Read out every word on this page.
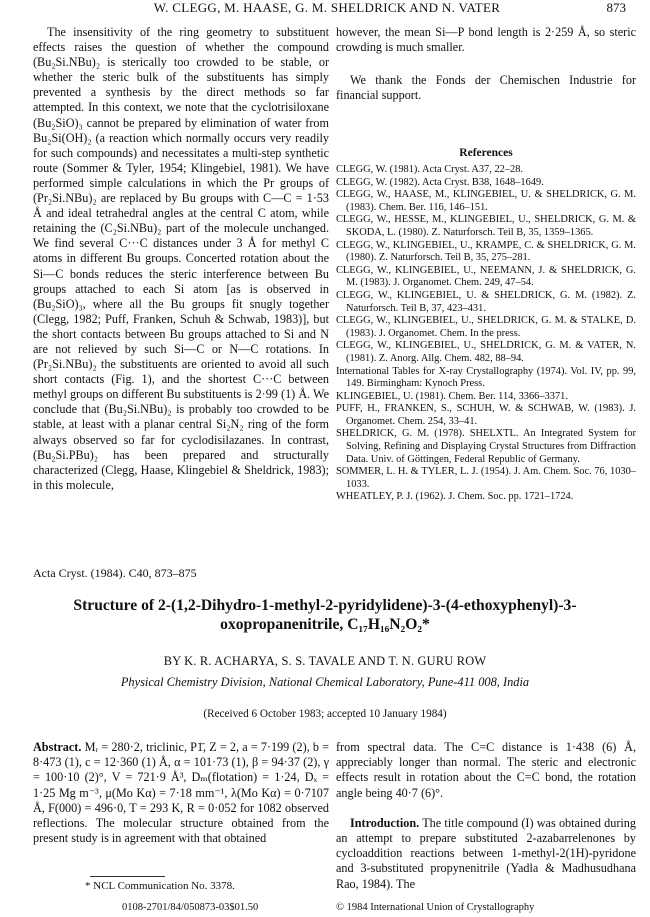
W. CLEGG, M. HAASE, G. M. SHELDRICK AND N. VATER	873

The insensitivity of the ring geometry to substituent effects raises the question of whether the compound (Bu₂Si.NBu)₂ is sterically too crowded to be stable, or whether the steric bulk of the substituents has simply prevented a synthesis by the direct methods so far attempted. In this context, we note that the cyclotrisiloxane (Bu₂SiO)₃ cannot be prepared by elimination of water from Bu₂Si(OH)₂ (a reaction which normally occurs very readily for such compounds) and necessitates a multi-step synthetic route (Sommer & Tyler, 1954; Klingebiel, 1981). We have performed simple calculations in which the Pr groups of (Pr₂Si.NBu)₂ are replaced by Bu groups with C—C = 1·53 Å and ideal tetrahedral angles at the central C atom, while retaining the (C₂Si.NBu)₂ part of the molecule unchanged. We find several C···C distances under 3 Å for methyl C atoms in different Bu groups. Concerted rotation about the Si—C bonds reduces the steric interference between Bu groups attached to each Si atom [as is observed in (Bu₂SiO)₃, where all the Bu groups fit snugly together (Clegg, 1982; Puff, Franken, Schuh & Schwab, 1983)], but the short contacts between Bu groups attached to Si and N are not relieved by such Si—C or N—C rotations. In (Pr₂Si.NBu)₂ the substituents are oriented to avoid all such short contacts (Fig. 1), and the shortest C···C between methyl groups on different Bu substituents is 2·99 (1) Å. We conclude that (Bu₂Si.NBu)₂ is probably too crowded to be stable, at least with a planar central Si₂N₂ ring of the form always observed so far for cyclodisilazanes. In contrast, (Bu₂Si.PBu)₂ has been prepared and structurally characterized (Clegg, Haase, Klingebiel & Sheldrick, 1983); in this molecule,

however, the mean Si—P bond length is 2·259 Å, so steric crowding is much smaller.

We thank the Fonds der Chemischen Industrie for financial support.

References

CLEGG, W. (1981). Acta Cryst. A37, 22–28.

CLEGG, W. (1982). Acta Cryst. B38, 1648–1649.

CLEGG, W., HAASE, M., KLINGEBIEL, U. & SHELDRICK, G. M. (1983). Chem. Ber. 116, 146–151.

CLEGG, W., HESSE, M., KLINGEBIEL, U., SHELDRICK, G. M. & SKODA, L. (1980). Z. Naturforsch. Teil B, 35, 1359–1365.

CLEGG, W., KLINGEBIEL, U., KRAMPE, C. & SHELDRICK, G. M. (1980). Z. Naturforsch. Teil B, 35, 275–281.

CLEGG, W., KLINGEBIEL, U., NEEMANN, J. & SHELDRICK, G. M. (1983). J. Organomet. Chem. 249, 47–54.

CLEGG, W., KLINGEBIEL, U. & SHELDRICK, G. M. (1982). Z. Naturforsch. Teil B, 37, 423–431.

CLEGG, W., KLINGEBIEL, U., SHELDRICK, G. M. & STALKE, D. (1983). J. Organomet. Chem. In the press.

CLEGG, W., KLINGEBIEL, U., SHELDRICK, G. M. & VATER, N. (1981). Z. Anorg. Allg. Chem. 482, 88–94.

International Tables for X-ray Crystallography (1974). Vol. IV, pp. 99, 149. Birmingham: Kynoch Press.

KLINGEBIEL, U. (1981). Chem. Ber. 114, 3366–3371.

PUFF, H., FRANKEN, S., SCHUH, W. & SCHWAB, W. (1983). J. Organomet. Chem. 254, 33–41.

SHELDRICK, G. M. (1978). SHELXTL. An Integrated System for Solving, Refining and Displaying Crystal Structures from Diffraction Data. Univ. of Göttingen, Federal Republic of Germany.

SOMMER, L. H. & TYLER, L. J. (1954). J. Am. Chem. Soc. 76, 1030–1033.

WHEATLEY, P. J. (1962). J. Chem. Soc. pp. 1721–1724.

Acta Cryst. (1984). C40, 873–875
Structure of 2-(1,2-Dihydro-1-methyl-2-pyridylidene)-3-(4-ethoxyphenyl)-3-oxopropanenitrile, C₁₇H₁₆N₂O₂*
BY K. R. ACHARYA, S. S. TAVALE AND T. N. GURU ROW
Physical Chemistry Division, National Chemical Laboratory, Pune-411 008, India
(Received 6 October 1983; accepted 10 January 1984)
Abstract. Mᵣ = 280·2, triclinic, P1̄, Z = 2, a = 7·199 (2), b = 8·473 (1), c = 12·360 (1) Å, α = 101·73 (1), β = 94·37 (2), γ = 100·10 (2)°, V = 721·9 Å³, Dₘ(flotation) = 1·24, Dₓ = 1·25 Mg m⁻³, μ(Mo Kα) = 7·18 mm⁻¹, λ(Mo Kα) = 0·7107 Å, F(000) = 496·0, T = 293 K, R = 0·052 for 1082 observed reflections. The molecular structure obtained from the present study is in agreement with that obtained
from spectral data. The C=C distance is 1·438 (6) Å, appreciably longer than normal. The steric and electronic effects result in rotation about the C=C bond, the rotation angle being 40·7 (6)°.
Introduction. The title compound (I) was obtained during an attempt to prepare substituted 2-azabarrelenones by cycloaddition reactions between 1-methyl-2(1H)-pyridone and 3-substituted propynenitrile (Yadla & Madhusudhana Rao, 1984). The
* NCL Communication No. 3378.
0108-2701/84/050873-03$01.50	© 1984 International Union of Crystallography
